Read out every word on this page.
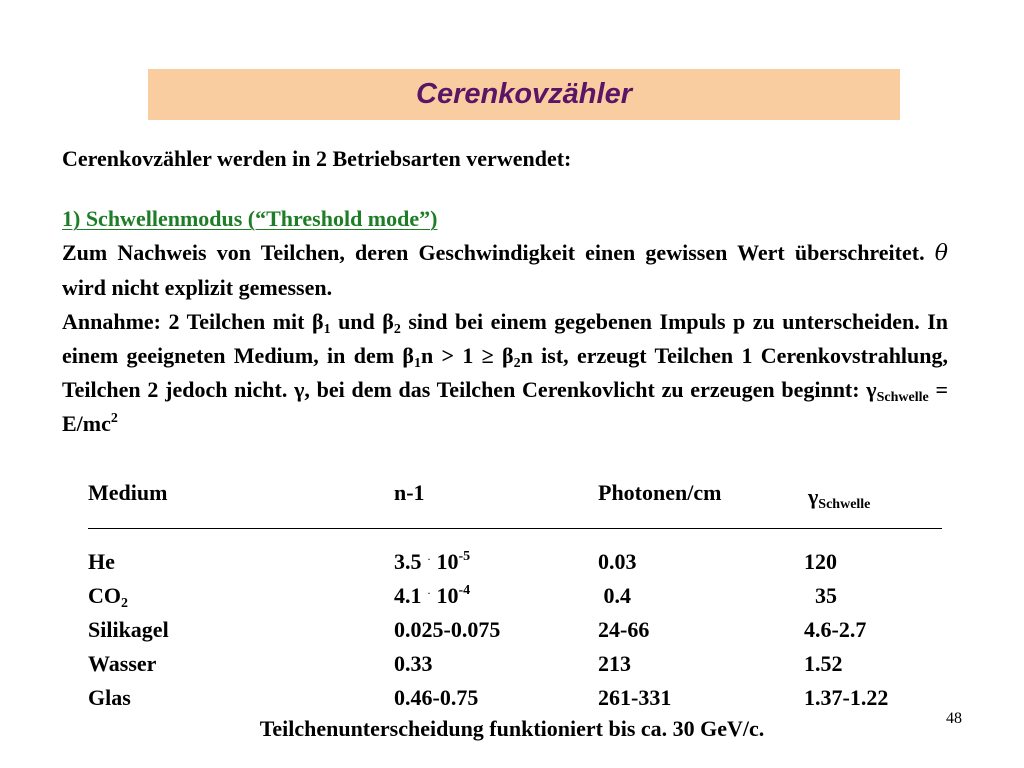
Cerenkovzähler

Cerenkovzähler werden in 2 Betriebsarten verwendet:

1) Schwellenmodus (“Threshold mode”)

Zum Nachweis von Teilchen, deren Geschwindigkeit einen gewissen Wert überschreitet. θ wird nicht explizit gemessen.
Annahme: 2 Teilchen mit $\beta_1$ und $\beta_2$ sind bei einem gegebenen Impuls p zu unterscheiden. In einem geeigneten Medium, in dem $\beta_1n > 1 \ge \beta_2n$ ist, erzeugt Teilchen 1 Cerenkovstrahlung, Teilchen 2 jedoch nicht. γ, bei dem das Teilchen Cerenkovlicht zu erzeugen beginnt: $\gamma_{Schwelle} = E/mc^2$
Medium	n-1	Photonen/cm	$\gamma_{Schwelle}$
He	3.5 · $10^{-5}$	0.03	120
$CO_2$	4.1 · $10^{-4}$	0.4	35
Silikagel	0.025-0.075	24-66	4.6-2.7
Wasser	0.33	213	1.52
Glas	0.46-0.75	261-331	1.37-1.22
Teilchenunterscheidung funktioniert bis ca. 30 GeV/c.	48
